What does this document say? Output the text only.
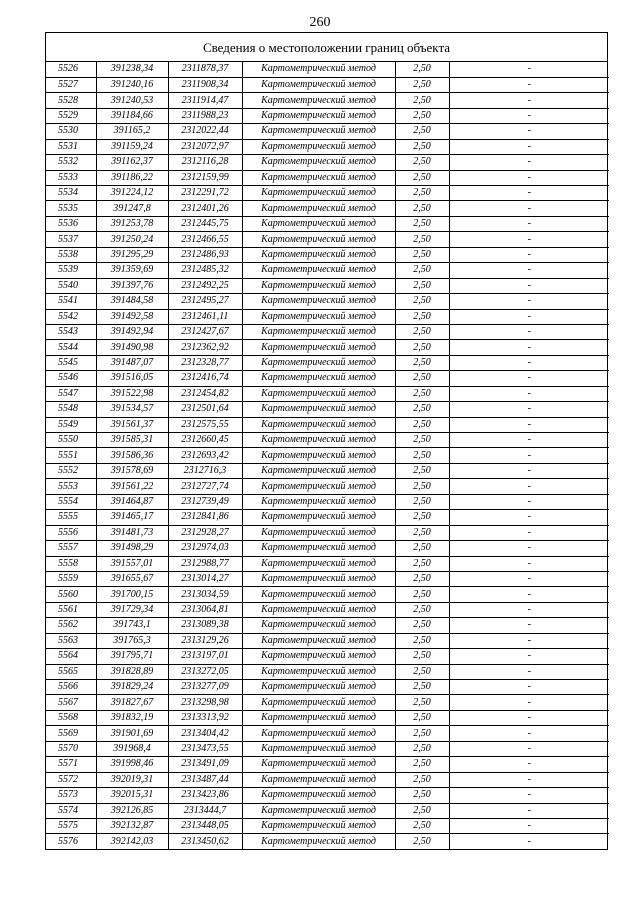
260
Сведения о местоположении границ объекта
5526	391238,34	2311878,37	Картометрический метод	2,50	-
5527	391240,16	2311908,34	Картометрический метод	2,50	-
5528	391240,53	2311914,47	Картометрический метод	2,50	-
5529	391184,66	2311988,23	Картометрический метод	2,50	-
5530	391165,2	2312022,44	Картометрический метод	2,50	-
5531	391159,24	2312072,97	Картометрический метод	2,50	-
5532	391162,37	2312116,28	Картометрический метод	2,50	-
5533	391186,22	2312159,99	Картометрический метод	2,50	-
5534	391224,12	2312291,72	Картометрический метод	2,50	-
5535	391247,8	2312401,26	Картометрический метод	2,50	-
5536	391253,78	2312445,75	Картометрический метод	2,50	-
5537	391250,24	2312466,55	Картометрический метод	2,50	-
5538	391295,29	2312486,93	Картометрический метод	2,50	-
5539	391359,69	2312485,32	Картометрический метод	2,50	-
5540	391397,76	2312492,25	Картометрический метод	2,50	-
5541	391484,58	2312495,27	Картометрический метод	2,50	-
5542	391492,58	2312461,11	Картометрический метод	2,50	-
5543	391492,94	2312427,67	Картометрический метод	2,50	-
5544	391490,98	2312362,92	Картометрический метод	2,50	-
5545	391487,07	2312328,77	Картометрический метод	2,50	-
5546	391516,05	2312416,74	Картометрический метод	2,50	-
5547	391522,98	2312454,82	Картометрический метод	2,50	-
5548	391534,57	2312501,64	Картометрический метод	2,50	-
5549	391561,37	2312575,55	Картометрический метод	2,50	-
5550	391585,31	2312660,45	Картометрический метод	2,50	-
5551	391586,36	2312693,42	Картометрический метод	2,50	-
5552	391578,69	2312716,3	Картометрический метод	2,50	-
5553	391561,22	2312727,74	Картометрический метод	2,50	-
5554	391464,87	2312739,49	Картометрический метод	2,50	-
5555	391465,17	2312841,86	Картометрический метод	2,50	-
5556	391481,73	2312928,27	Картометрический метод	2,50	-
5557	391498,29	2312974,03	Картометрический метод	2,50	-
5558	391557,01	2312988,77	Картометрический метод	2,50	-
5559	391655,67	2313014,27	Картометрический метод	2,50	-
5560	391700,15	2313034,59	Картометрический метод	2,50	-
5561	391729,34	2313064,81	Картометрический метод	2,50	-
5562	391743,1	2313089,38	Картометрический метод	2,50	-
5563	391765,3	2313129,26	Картометрический метод	2,50	-
5564	391795,71	2313197,01	Картометрический метод	2,50	-
5565	391828,89	2313272,05	Картометрический метод	2,50	-
5566	391829,24	2313277,09	Картометрический метод	2,50	-
5567	391827,67	2313298,98	Картометрический метод	2,50	-
5568	391832,19	2313313,92	Картометрический метод	2,50	-
5569	391901,69	2313404,42	Картометрический метод	2,50	-
5570	391968,4	2313473,55	Картометрический метод	2,50	-
5571	391998,46	2313491,09	Картометрический метод	2,50	-
5572	392019,31	2313487,44	Картометрический метод	2,50	-
5573	392015,31	2313423,86	Картометрический метод	2,50	-
5574	392126,85	2313444,7	Картометрический метод	2,50	-
5575	392132,87	2313448,05	Картометрический метод	2,50	-
5576	392142,03	2313450,62	Картометрический метод	2,50	-
